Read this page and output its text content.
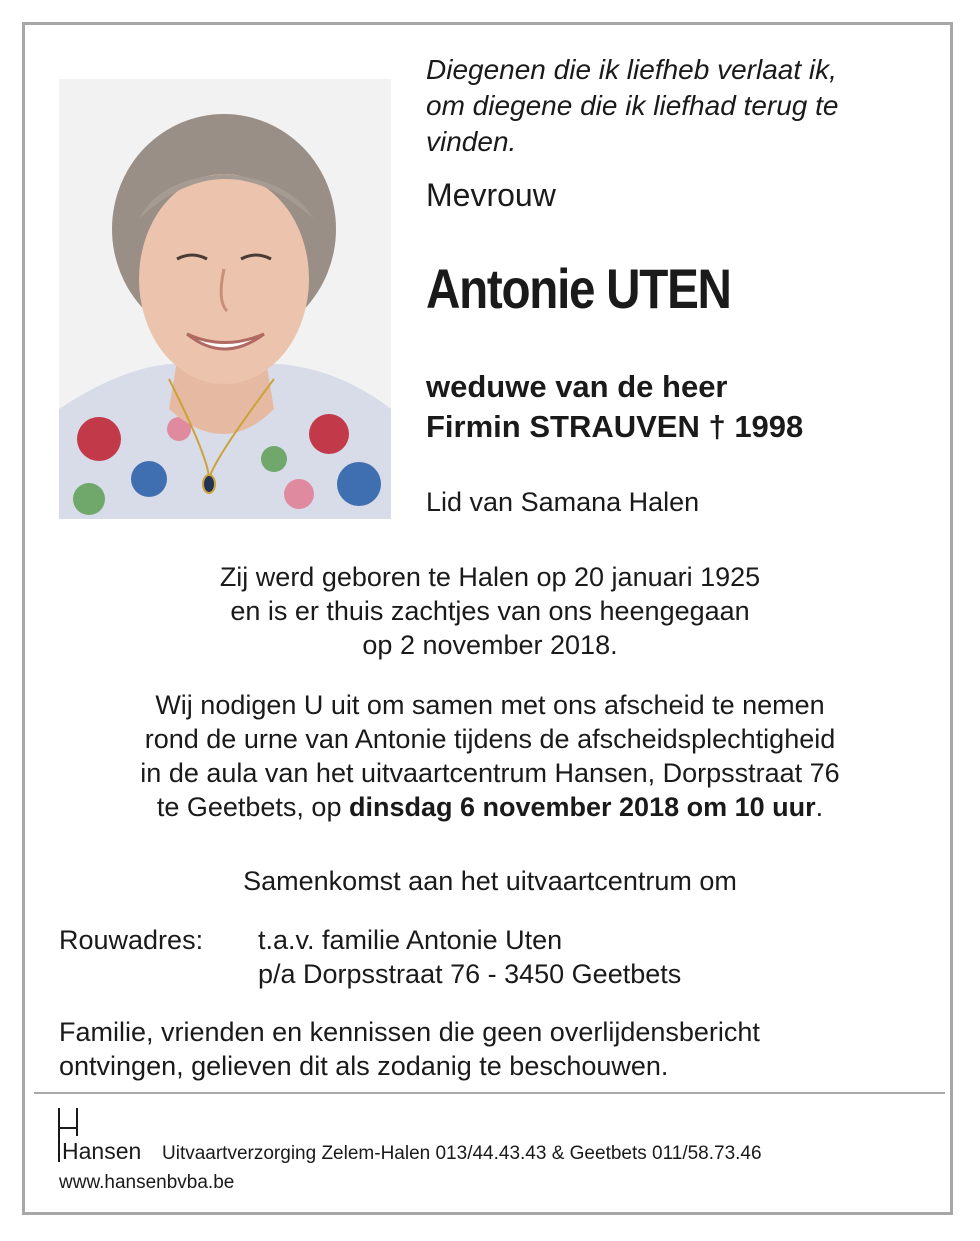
Diegenen die ik liefheb verlaat ik,
om diegene die ik liefhad terug te
vinden.
Mevrouw
Antonie UTEN
weduwe van de heer
Firmin STRAUVEN † 1998
Lid van Samana Halen
Zij werd geboren te Halen op 20 januari 1925
en is er thuis zachtjes van ons heengegaan
op 2 november 2018.
Wij nodigen U uit om samen met ons afscheid te nemen
rond de urne van Antonie tijdens de afscheidsplechtigheid
in de aula van het uitvaartcentrum Hansen, Dorpsstraat 76
te Geetbets, op dinsdag 6 november 2018 om 10 uur.
Samenkomst aan het uitvaartcentrum om
Rouwadres: t.a.v. familie Antonie Uten
p/a Dorpsstraat 76 - 3450 Geetbets
Familie, vrienden en kennissen die geen overlijdensbericht
ontvingen, gelieven dit als zodanig te beschouwen.
Hansen Uitvaartverzorging Zelem-Halen 013/44.43.43 & Geetbets 011/58.73.46
www.hansenbvba.be
